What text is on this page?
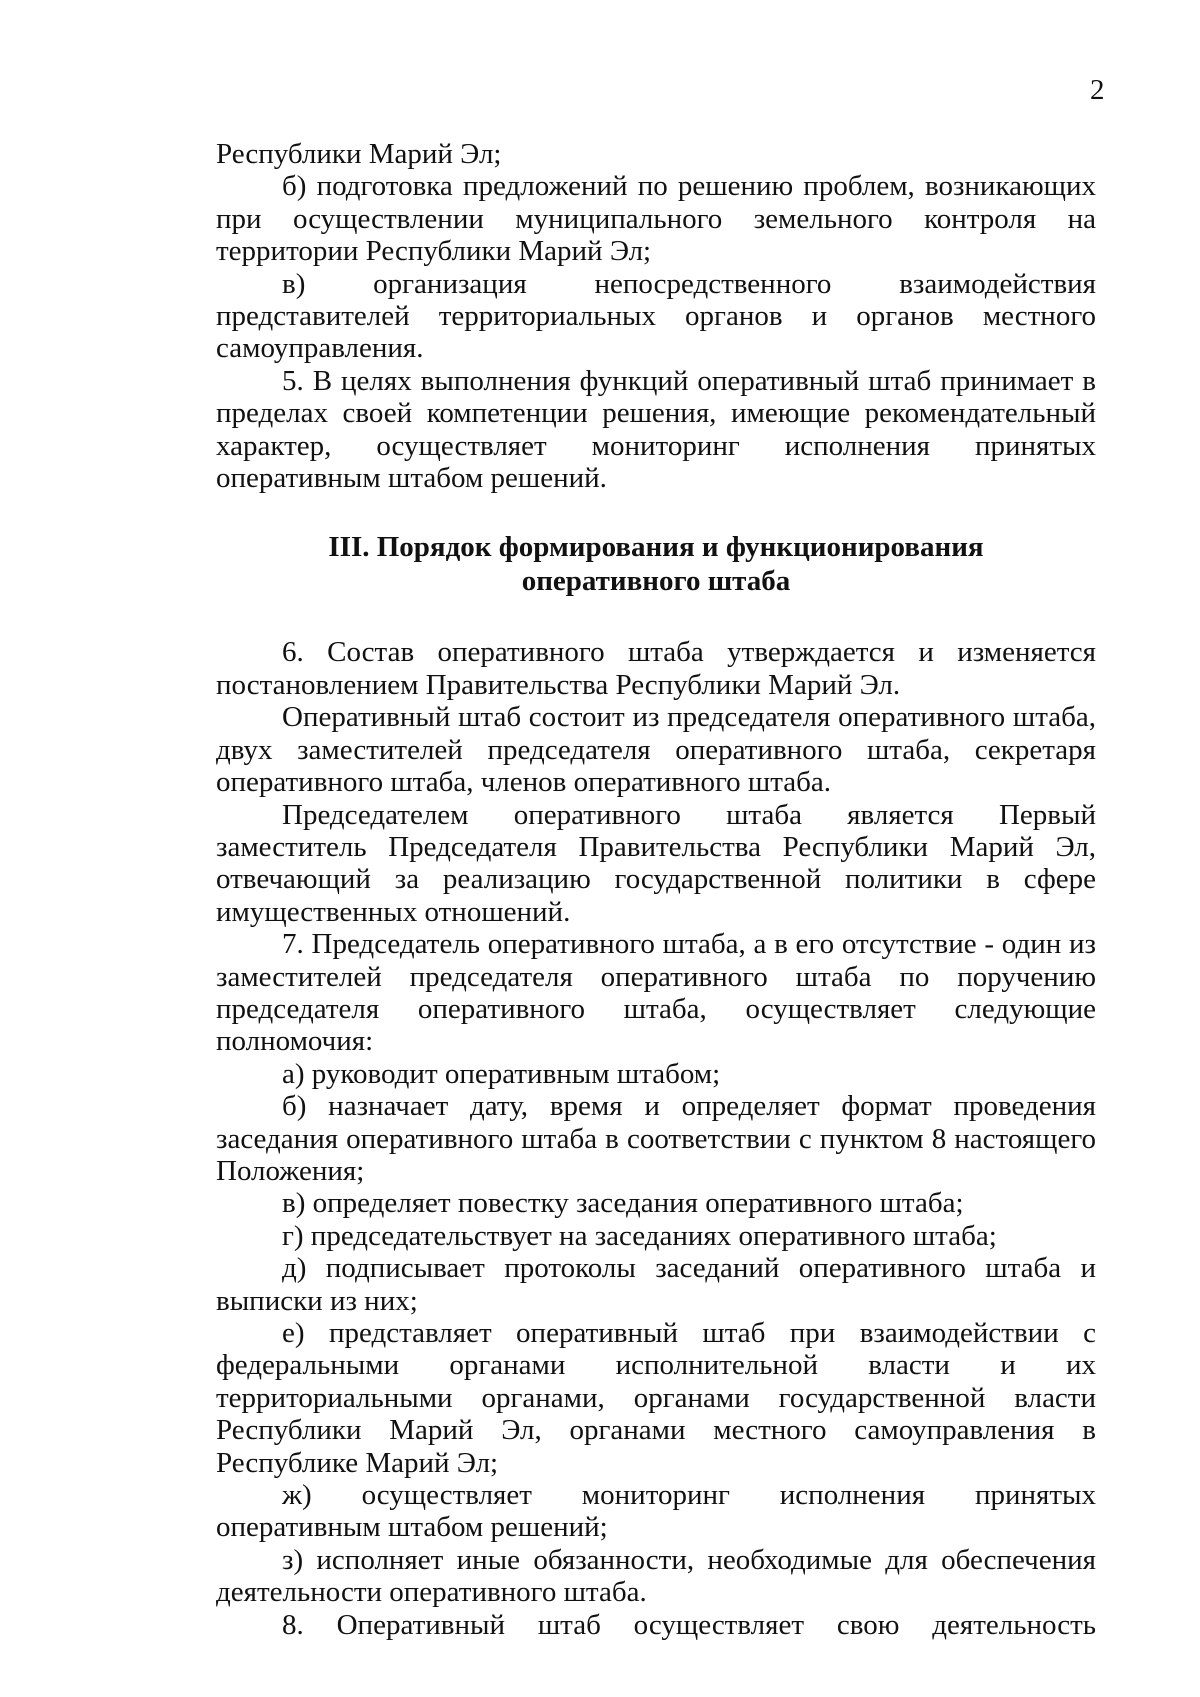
2

Республики Марий Эл;

б) подготовка предложений по решению проблем, возникающих при осуществлении муниципального земельного контроля на территории Республики Марий Эл;

в) организация непосредственного взаимодействия представителей территориальных органов и органов местного самоуправления.

5. В целях выполнения функций оперативный штаб принимает в пределах своей компетенции решения, имеющие рекомендательный характер, осуществляет мониторинг исполнения принятых оперативным штабом решений.

III. Порядок формирования и функционирования
оперативного штаба

6. Состав оперативного штаба утверждается и изменяется постановлением Правительства Республики Марий Эл.

Оперативный штаб состоит из председателя оперативного штаба, двух заместителей председателя оперативного штаба, секретаря оперативного штаба, членов оперативного штаба.

Председателем оперативного штаба является Первый заместитель Председателя Правительства Республики Марий Эл, отвечающий за реализацию государственной политики в сфере имущественных отношений.

7. Председатель оперативного штаба, а в его отсутствие - один из заместителей председателя оперативного штаба по поручению председателя оперативного штаба, осуществляет следующие полномочия:

а) руководит оперативным штабом;

б) назначает дату, время и определяет формат проведения заседания оперативного штаба в соответствии с пунктом 8 настоящего Положения;

в) определяет повестку заседания оперативного штаба;

г) председательствует на заседаниях оперативного штаба;

д) подписывает протоколы заседаний оперативного штаба и выписки из них;

е) представляет оперативный штаб при взаимодействии с федеральными органами исполнительной власти и их территориальными органами, органами государственной власти Республики Марий Эл, органами местного самоуправления в Республике Марий Эл;

ж) осуществляет мониторинг исполнения принятых оперативным штабом решений;

з) исполняет иные обязанности, необходимые для обеспечения деятельности оперативного штаба.

8. Оперативный штаб осуществляет свою деятельность
